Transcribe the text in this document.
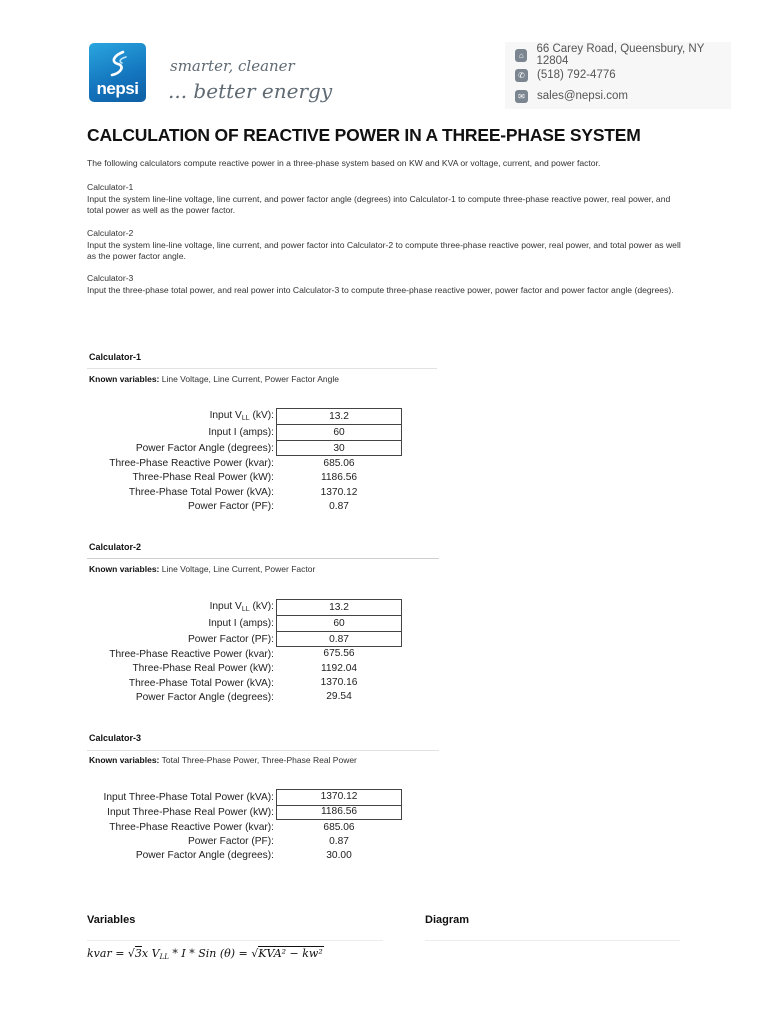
nepsi
smarter, cleaner
... better energy
⌂	66 Carey Road, Queensbury, NY 12804
✆ (518) 792-4776
✉ sales@nepsi.com
CALCULATION OF REACTIVE POWER IN A THREE-PHASE SYSTEM
The following calculators compute reactive power in a three-phase system based on KW and KVA or voltage, current, and power factor.
Calculator-1
Input the system line-line voltage, line current, and power factor angle (degrees) into Calculator-1 to compute three-phase reactive power, real power, and total power as well as the power factor.
Calculator-2
Input the system line-line voltage, line current, and power factor into Calculator-2 to compute three-phase reactive power, real power, and total power as well as the power factor angle.
Calculator-3
Input the three-phase total power, and real power into Calculator-3 to compute three-phase reactive power, power factor and power factor angle (degrees).
Calculator-1
Known variables: Line Voltage, Line Current, Power Factor Angle
Input $V_{LL}$ (kV):	13.2
Input I (amps):	60
Power Factor Angle (degrees):	30
Three-Phase Reactive Power (kvar):	685.06
Three-Phase Real Power (kW):	1186.56
Three-Phase Total Power (kVA):	1370.12
Power Factor (PF):	0.87
Calculator-2
Known variables: Line Voltage, Line Current, Power Factor
Input $V_{LL}$ (kV):	13.2
Input I (amps):	60
Power Factor (PF):	0.87
Three-Phase Reactive Power (kvar):	675.56
Three-Phase Real Power (kW):	1192.04
Three-Phase Total Power (kVA):	1370.16
Power Factor Angle (degrees):	29.54
Calculator-3
Known variables: Total Three-Phase Power, Three-Phase Real Power
Input Three-Phase Total Power (kVA):	1370.12
Input Three-Phase Real Power (kW):	1186.56
Three-Phase Reactive Power (kvar):	685.06
Power Factor (PF):	0.87
Power Factor Angle (degrees):	30.00
Variables	Diagram
kvar = √3x $V_{LL}$ * I * Sin (θ) = √KVA² − kw²
